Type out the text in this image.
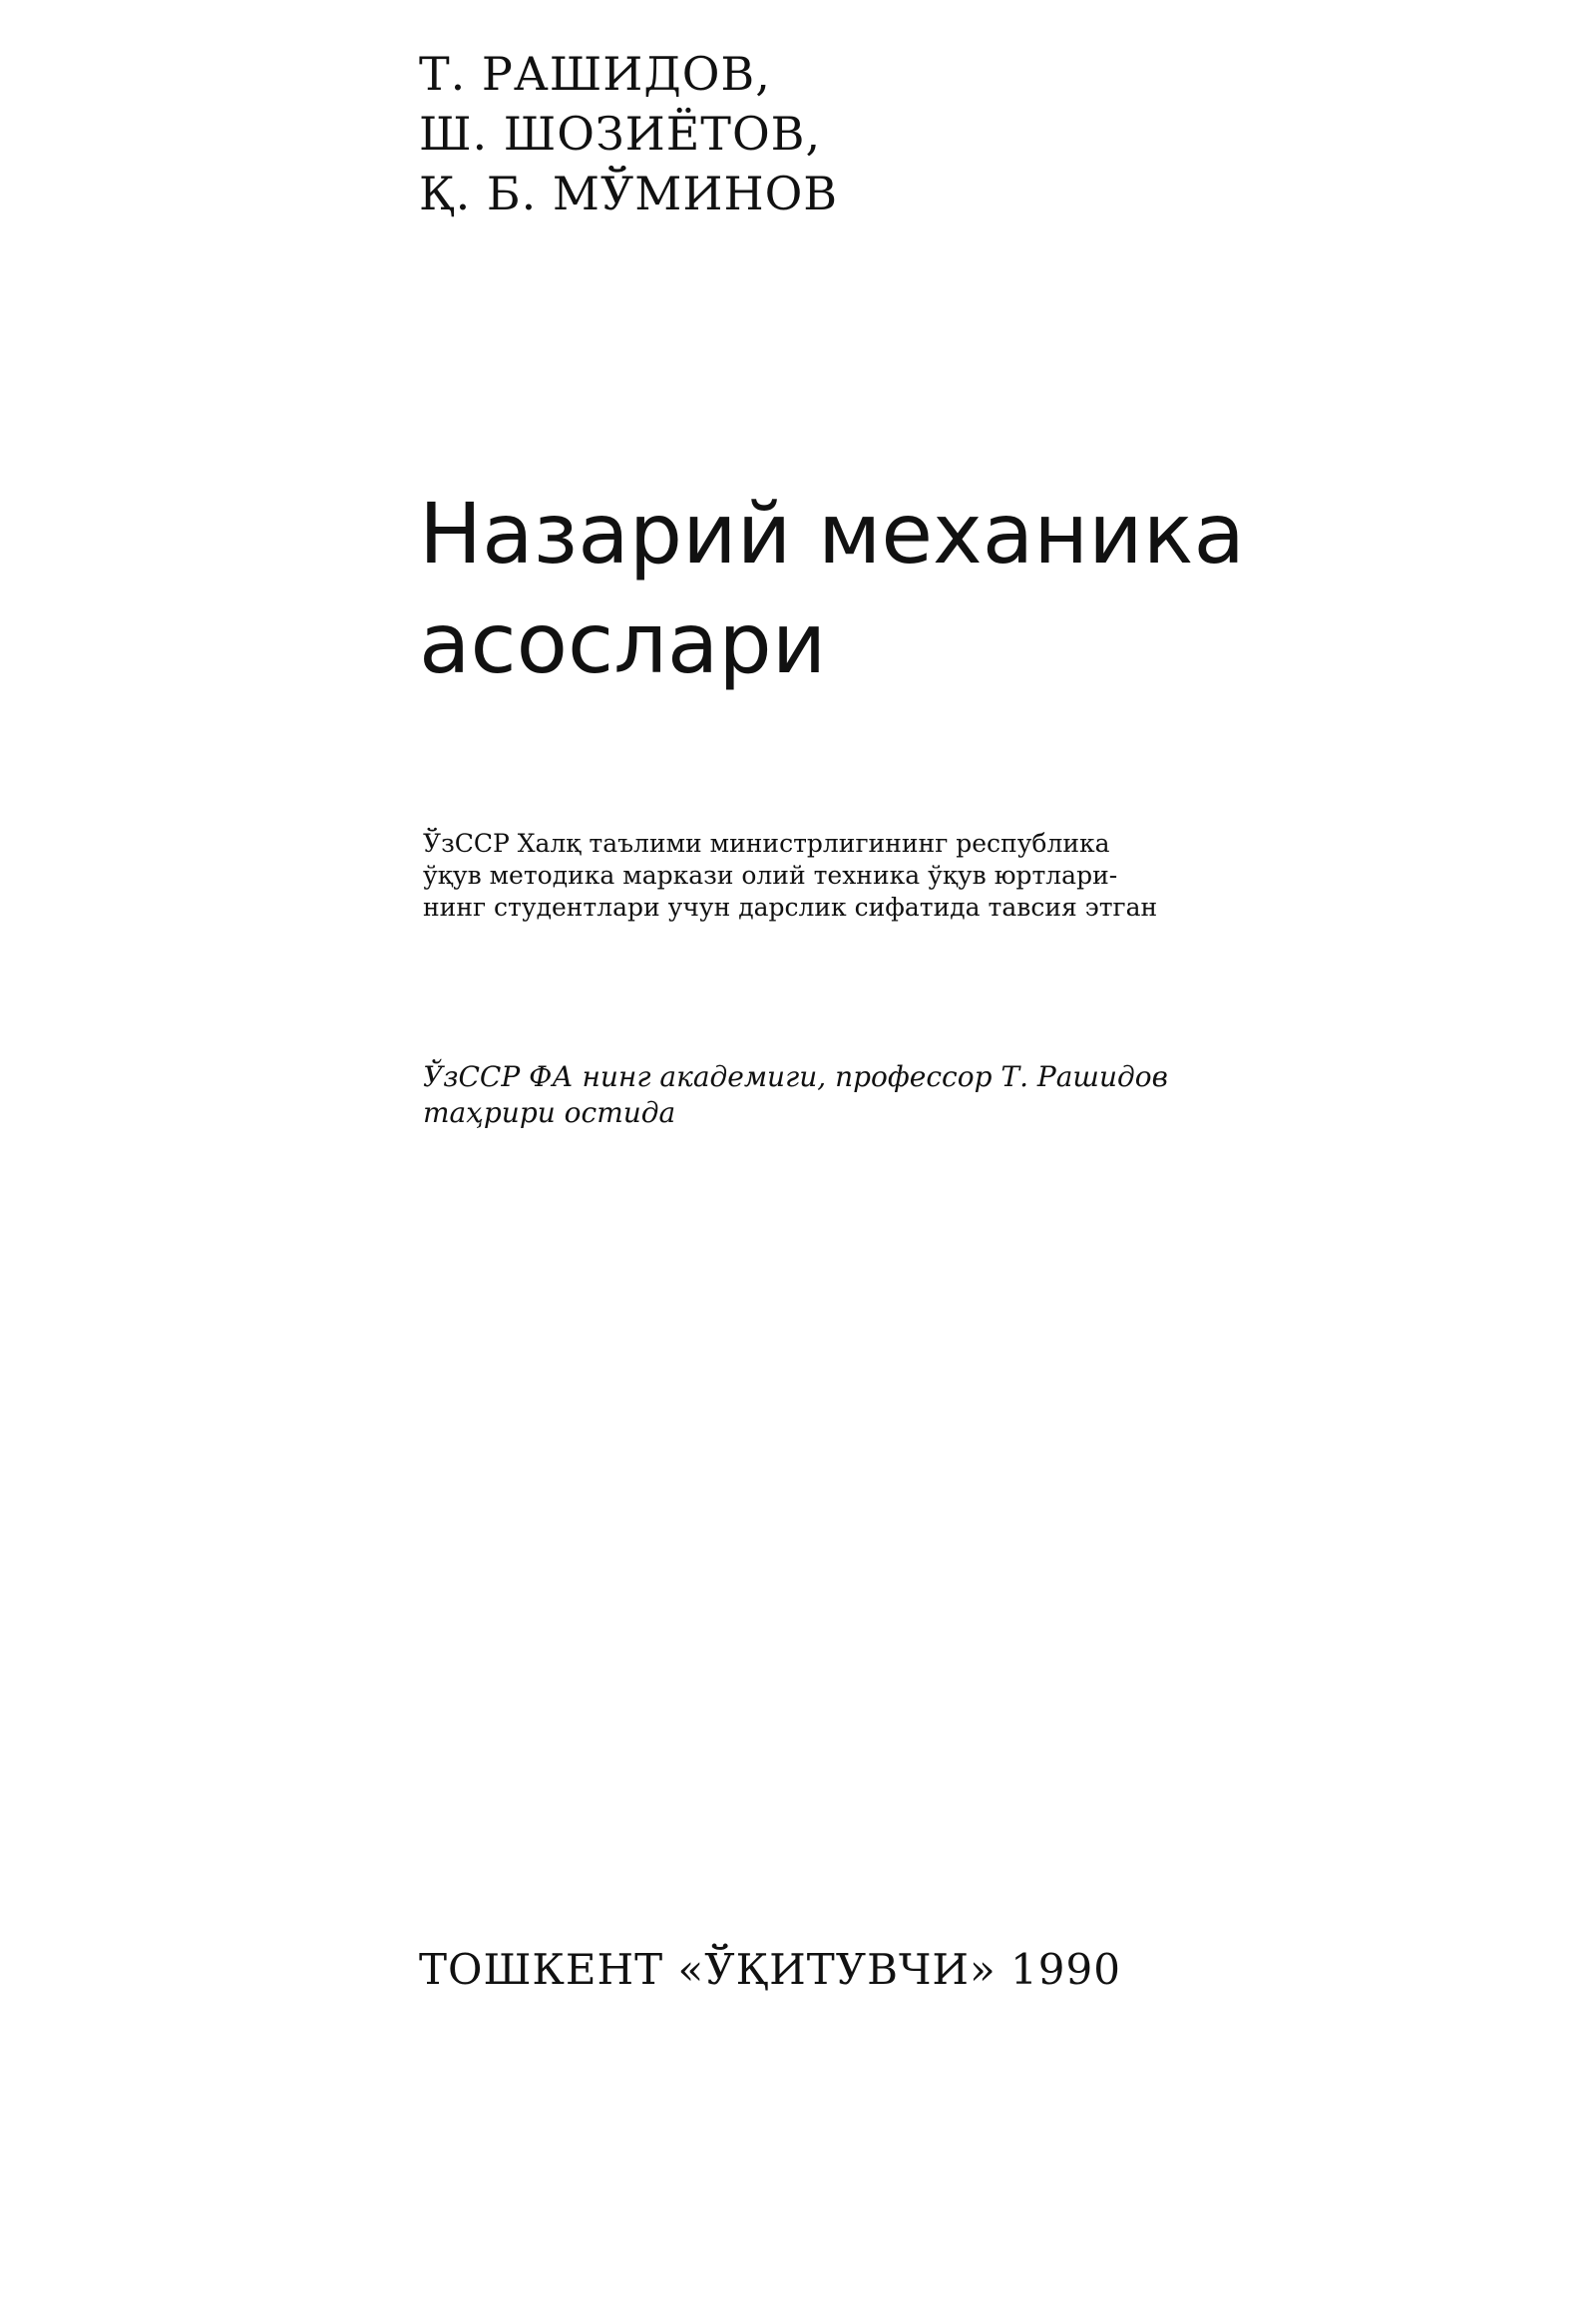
Т. РАШИДОВ,
Ш. ШОЗИЁТОВ,
Қ. Б. МЎМИНОВ
Назарий механика
асослари
ЎзССР Халқ таълими министрлигининг республика
ўқув методика маркази олий техника ўқув юртлари-
нинг студентлари учун дарслик сифатида тавсия этган
ЎзССР ФА нинг академиги, профессор Т. Рашидов
таҳрири остида
ТОШКЕНТ «ЎҚИТУВЧИ» 1990
